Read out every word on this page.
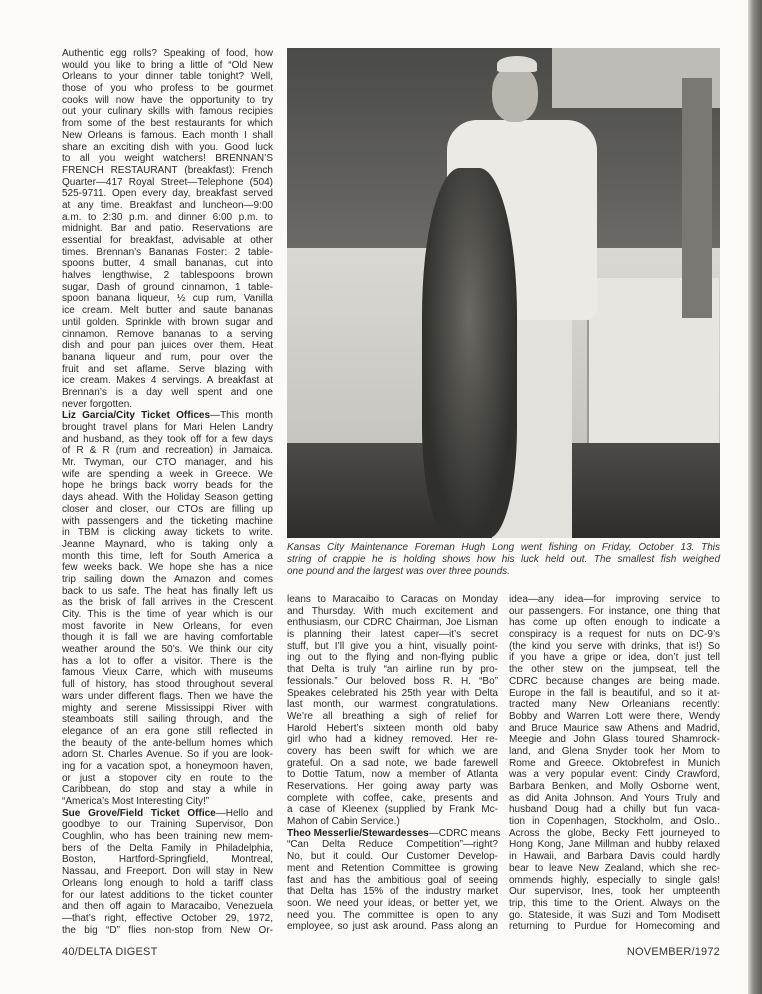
Kansas City Maintenance Foreman Hugh Long went fishing on Friday, October 13. This
string of crappie he is holding shows how his luck held out. The smallest fish weighed
one pound and the largest was over three pounds.
Authentic egg rolls? Speaking of food, how
would you like to bring a little of “Old New
Orleans to your dinner table tonight? Well,
those of you who profess to be gourmet
cooks will now have the opportunity to try
out your culinary skills with famous recipies
from some of the best restaurants for which
New Orleans is famous. Each month I shall
share an exciting dish with you. Good luck
to all you weight watchers! BRENNAN’S
FRENCH RESTAURANT (breakfast): French
Quarter—417 Royal Street—Telephone (504)
525-9711. Open every day, breakfast served
at any time. Breakfast and luncheon—9:00
a.m. to 2:30 p.m. and dinner 6:00 p.m. to
midnight. Bar and patio. Reservations are
essential for breakfast, advisable at other
times. Brennan’s Bananas Foster: 2 table-
spoons butter, 4 small bananas, cut into
halves lengthwise, 2 tablespoons brown
sugar, Dash of ground cinnamon, 1 table-
spoon banana liqueur, ½ cup rum, Vanilla
ice cream. Melt butter and saute bananas
until golden. Sprinkle with brown sugar and
cinnamon. Remove bananas to a serving
dish and pour pan juices over them. Heat
banana liqueur and rum, pour over the
fruit and set aflame. Serve blazing with
ice cream. Makes 4 servings. A breakfast at
Brennan’s is a day well spent and one
never forgotten.
Liz Garcia/City Ticket Offices—This month
brought travel plans for Mari Helen Landry
and husband, as they took off for a few days
of R & R (rum and recreation) in Jamaica.
Mr. Twyman, our CTO manager, and his
wife are spending a week in Greece. We
hope he brings back worry beads for the
days ahead. With the Holiday Season getting
closer and closer, our CTOs are filling up
with passengers and the ticketing machine
in TBM is clicking away tickets to write.
Jeanne Maynard, who is taking only a
month this time, left for South America a
few weeks back. We hope she has a nice
trip sailing down the Amazon and comes
back to us safe. The heat has finally left us
as the brisk of fall arrives in the Crescent
City. This is the time of year which is our
most favorite in New Orleans, for even
though it is fall we are having comfortable
weather around the 50’s. We think our city
has a lot to offer a visitor. There is the
famous Vieux Carre, which with museums
full of history, has stood throughout several
wars under different flags. Then we have the
mighty and serene Mississippi River with
steamboats still sailing through, and the
elegance of an era gone still reflected in
the beauty of the ante-bellum homes which
adorn St. Charles Avenue. So if you are look-
ing for a vacation spot, a honeymoon haven,
or just a stopover city en route to the
Caribbean, do stop and stay a while in
“America’s Most Interesting City!”
Sue Grove/Field Ticket Office—Hello and
goodbye to our Training Supervisor, Don
Coughlin, who has been training new mem-
bers of the Delta Family in Philadelphia,
Boston, Hartford-Springfield, Montreal,
Nassau, and Freeport. Don will stay in New
Orleans long enough to hold a tariff class
for our latest additions to the ticket counter
and then off again to Maracaibo, Venezuela
—that’s right, effective October 29, 1972,
the big “D” flies non-stop from New Or-
leans to Maracaibo to Caracas on Monday
and Thursday. With much excitement and
enthusiasm, our CDRC Chairman, Joe Lisman
is planning their latest caper—it’s secret
stuff, but I’ll give you a hint, visually point-
ing out to the flying and non-flying public
that Delta is truly “an airline run by pro-
fessionals.” Our beloved boss R. H. “Bo”
Speakes celebrated his 25th year with Delta
last month, our warmest congratulations.
We’re all breathing a sigh of relief for
Harold Hebert’s sixteen month old baby
girl who had a kidney removed. Her re-
covery has been swift for which we are
grateful. On a sad note, we bade farewell
to Dottie Tatum, now a member of Atlanta
Reservations. Her going away party was
complete with coffee, cake, presents and
a case of Kleenex (supplied by Frank Mc-
Mahon of Cabin Service.)
Theo Messerlie/Stewardesses—CDRC means
“Can Delta Reduce Competition”—right?
No, but it could. Our Customer Develop-
ment and Retention Committee is growing
fast and has the ambitious goal of seeing
that Delta has 15% of the industry market
soon. We need your ideas, or better yet, we
need you. The committee is open to any
employee, so just ask around. Pass along an
idea—any idea—for improving service to
our passengers. For instance, one thing that
has come up often enough to indicate a
conspiracy is a request for nuts on DC-9’s
(the kind you serve with drinks, that is!) So
if you have a gripe or idea, don’t just tell
the other stew on the jumpseat, tell the
CDRC because changes are being made.
Europe in the fall is beautiful, and so it at-
tracted many New Orleanians recently:
Bobby and Warren Lott were there, Wendy
and Bruce Maurice saw Athens and Madrid,
Meegie and John Glass toured Shamrock-
land, and Glena Snyder took her Mom to
Rome and Greece. Oktobrefest in Munich
was a very popular event: Cindy Crawford,
Barbara Benken, and Molly Osborne went,
as did Anita Johnson. And Yours Truly and
husband Doug had a chilly but fun vaca-
tion in Copenhagen, Stockholm, and Oslo..
Across the globe, Becky Fett journeyed to
Hong Kong, Jane Millman and hubby relaxed
in Hawaii, and Barbara Davis could hardly
bear to leave New Zealand, which she rec-
ommends highly, especially to single gals!
Our supervisor, Ines, took her umpteenth
trip, this time to the Orient. Always on the
go. Stateside, it was Suzi and Tom Modisett
returning to Purdue for Homecoming and
40/DELTA DIGEST	NOVEMBER/1972
